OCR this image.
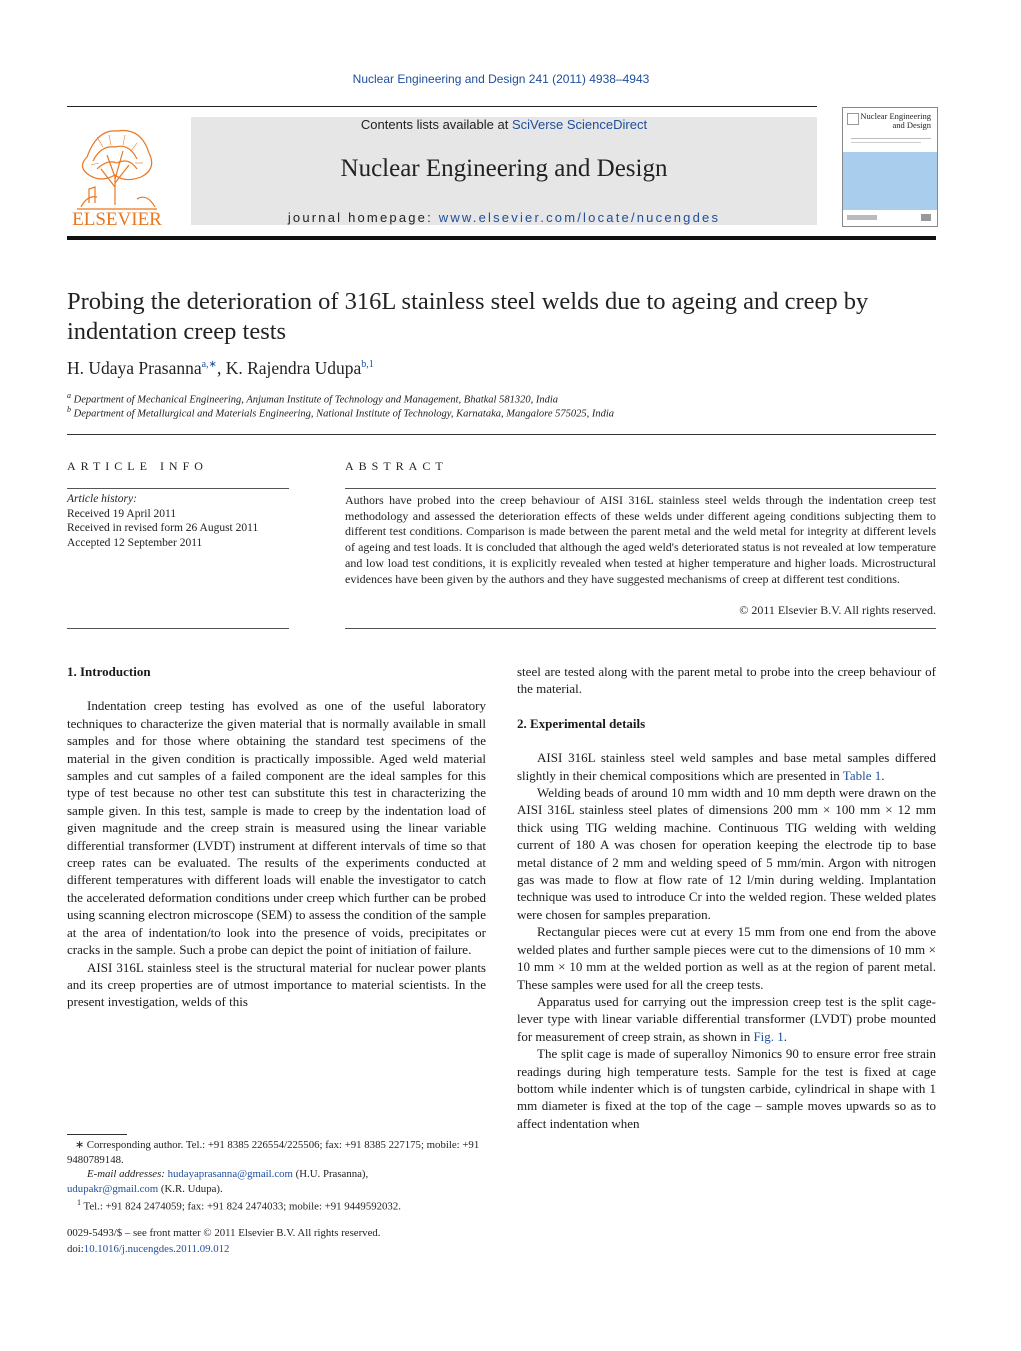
Nuclear Engineering and Design 241 (2011) 4938–4943
ELSEVIER
Contents lists available at SciVerse ScienceDirect
Nuclear Engineering and Design
journal homepage: www.elsevier.com/locate/nucengdes
Nuclear Engineering
and Design
Probing the deterioration of 316L stainless steel welds due to ageing and creep by
indentation creep tests
H. Udaya Prasanna$^{a,∗}$, K. Rajendra Udupa$^{b,1}$
$^a$ Department of Mechanical Engineering, Anjuman Institute of Technology and Management, Bhatkal 581320, India
$^b$ Department of Metallurgical and Materials Engineering, National Institute of Technology, Karnataka, Mangalore 575025, India
ARTICLE INFO	ABSTRACT
Article history:
Received 19 April 2011
Received in revised form 26 August 2011
Accepted 12 September 2011
Authors have probed into the creep behaviour of AISI 316L stainless steel welds through the indentation creep test methodology and assessed the deterioration effects of these welds under different ageing conditions subjecting them to different test conditions. Comparison is made between the parent metal and the weld metal for integrity at different levels of ageing and test loads. It is concluded that although the aged weld's deteriorated status is not revealed at low temperature and low load test conditions, it is explicitly revealed when tested at higher temperature and higher loads. Microstructural evidences have been given by the authors and they have suggested mechanisms of creep at different test conditions.
© 2011 Elsevier B.V. All rights reserved.
1. Introduction

Indentation creep testing has evolved as one of the useful laboratory techniques to characterize the given material that is normally available in small samples and for those where obtaining the standard test specimens of the material in the given condition is practically impossible. Aged weld material samples and cut samples of a failed component are the ideal samples for this type of test because no other test can substitute this test in characterizing the sample given. In this test, sample is made to creep by the indentation load of given magnitude and the creep strain is measured using the linear variable differential transformer (LVDT) instrument at different intervals of time so that creep rates can be evaluated. The results of the experiments conducted at different temperatures with different loads will enable the investigator to catch the accelerated deformation conditions under creep which further can be probed using scanning electron microscope (SEM) to assess the condition of the sample at the area of indentation/to look into the presence of voids, precipitates or cracks in the sample. Such a probe can depict the point of initiation of failure.

AISI 316L stainless steel is the structural material for nuclear power plants and its creep properties are of utmost importance to material scientists. In the present investigation, welds of this

steel are tested along with the parent metal to probe into the creep behaviour of the material.

2. Experimental details

AISI 316L stainless steel weld samples and base metal samples differed slightly in their chemical compositions which are presented in Table 1.

Welding beads of around 10 mm width and 10 mm depth were drawn on the AISI 316L stainless steel plates of dimensions 200 mm × 100 mm × 12 mm thick using TIG welding machine. Continuous TIG welding with welding current of 180 A was chosen for operation keeping the electrode tip to base metal distance of 2 mm and welding speed of 5 mm/min. Argon with nitrogen gas was made to flow at flow rate of 12 l/min during welding. Implantation technique was used to introduce Cr into the welded region. These welded plates were chosen for samples preparation.

Rectangular pieces were cut at every 15 mm from one end from the above welded plates and further sample pieces were cut to the dimensions of 10 mm × 10 mm × 10 mm at the welded portion as well as at the region of parent metal. These samples were used for all the creep tests.

Apparatus used for carrying out the impression creep test is the split cage-lever type with linear variable differential transformer (LVDT) probe mounted for measurement of creep strain, as shown in Fig. 1.

The split cage is made of superalloy Nimonics 90 to ensure error free strain readings during high temperature tests. Sample for the test is fixed at cage bottom while indenter which is of tungsten carbide, cylindrical in shape with 1 mm diameter is fixed at the top of the cage – sample moves upwards so as to affect indentation when

∗ Corresponding author. Tel.: +91 8385 226554/225506; fax: +91 8385 227175; mobile: +91 9480789148.
E-mail addresses: hudayaprasanna@gmail.com (H.U. Prasanna),
udupakr@gmail.com (K.R. Udupa).
$^1$ Tel.: +91 824 2474059; fax: +91 824 2474033; mobile: +91 9449592032.
0029-5493/$ – see front matter © 2011 Elsevier B.V. All rights reserved.
doi:10.1016/j.nucengdes.2011.09.012
